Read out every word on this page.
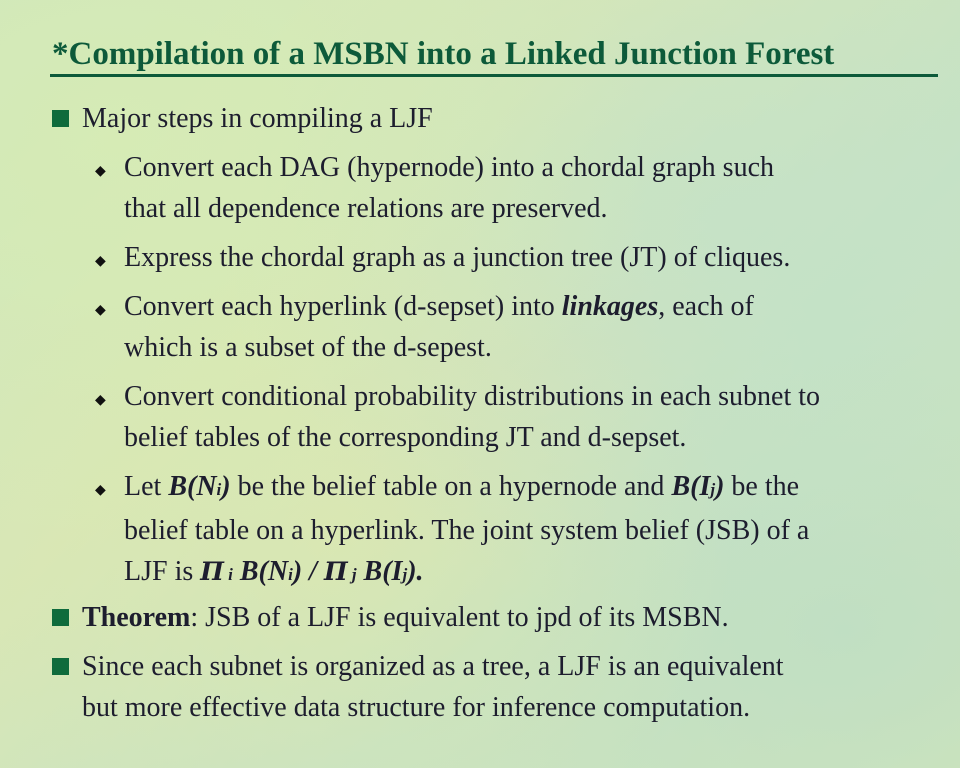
*Compilation of a MSBN into a Linked Junction Forest
Major steps in compiling a LJF
◆ Convert each DAG (hypernode) into a chordal graph such
that all dependence relations are preserved.
◆ Express the chordal graph as a junction tree (JT) of cliques.
◆ Convert each hyperlink (d-sepset) into linkages, each of
which is a subset of the d-sepest.
◆ Convert conditional probability distributions in each subnet to
belief tables of the corresponding JT and d-sepset.
◆ Let B(Ni) be the belief table on a hypernode and B(Ij) be the
belief table on a hyperlink. The joint system belief (JSB) of a
LJF is Π i B(Ni) / Π j B(Ij).
Theorem: JSB of a LJF is equivalent to jpd of its MSBN.
Since each subnet is organized as a tree, a LJF is an equivalent
but more effective data structure for inference computation.
